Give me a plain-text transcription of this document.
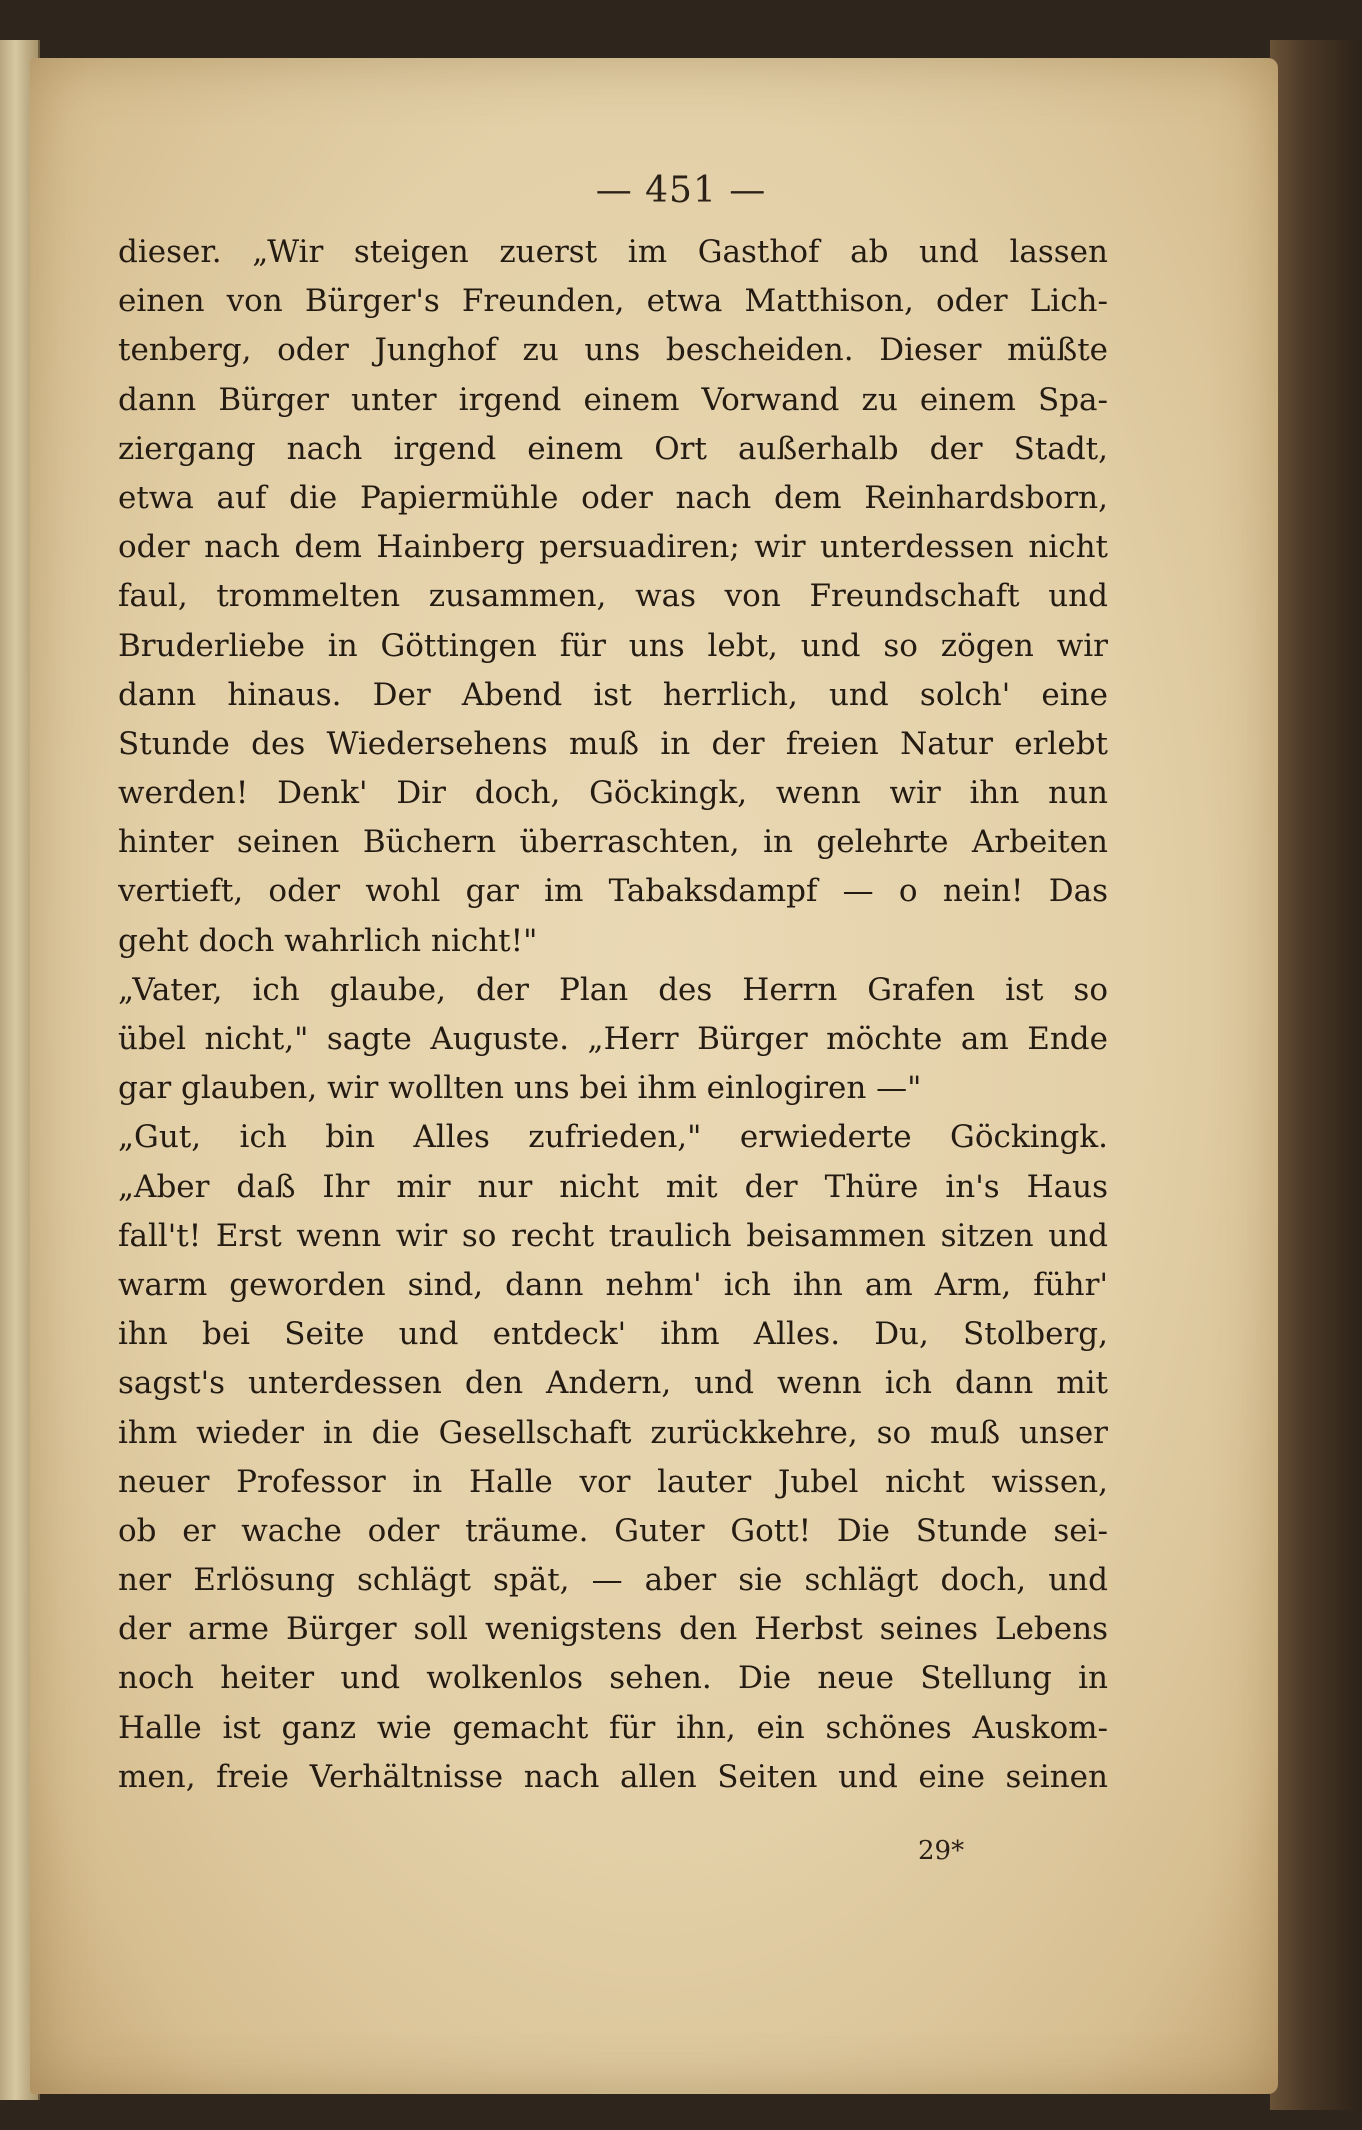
— 451 —
dieser. „Wir steigen zuerst im Gasthof ab und lassen
einen von Bürger's Freunden, etwa Matthison, oder Lich-
tenberg, oder Junghof zu uns bescheiden. Dieser müßte
dann Bürger unter irgend einem Vorwand zu einem Spa-
ziergang nach irgend einem Ort außerhalb der Stadt,
etwa auf die Papiermühle oder nach dem Reinhardsborn,
oder nach dem Hainberg persuadiren; wir unterdessen nicht
faul, trommelten zusammen, was von Freundschaft und
Bruderliebe in Göttingen für uns lebt, und so zögen wir
dann hinaus. Der Abend ist herrlich, und solch' eine
Stunde des Wiedersehens muß in der freien Natur erlebt
werden! Denk' Dir doch, Göckingk, wenn wir ihn nun
hinter seinen Büchern überraschten, in gelehrte Arbeiten
vertieft, oder wohl gar im Tabaksdampf — o nein! Das
geht doch wahrlich nicht!"
„Vater, ich glaube, der Plan des Herrn Grafen ist so
übel nicht," sagte Auguste. „Herr Bürger möchte am Ende
gar glauben, wir wollten uns bei ihm einlogiren —"
„Gut, ich bin Alles zufrieden," erwiederte Göckingk.
„Aber daß Ihr mir nur nicht mit der Thüre in's Haus
fall't! Erst wenn wir so recht traulich beisammen sitzen und
warm geworden sind, dann nehm' ich ihn am Arm, führ'
ihn bei Seite und entdeck' ihm Alles. Du, Stolberg,
sagst's unterdessen den Andern, und wenn ich dann mit
ihm wieder in die Gesellschaft zurückkehre, so muß unser
neuer Professor in Halle vor lauter Jubel nicht wissen,
ob er wache oder träume. Guter Gott! Die Stunde sei-
ner Erlösung schlägt spät, — aber sie schlägt doch, und
der arme Bürger soll wenigstens den Herbst seines Lebens
noch heiter und wolkenlos sehen. Die neue Stellung in
Halle ist ganz wie gemacht für ihn, ein schönes Auskom-
men, freie Verhältnisse nach allen Seiten und eine seinen
29*
